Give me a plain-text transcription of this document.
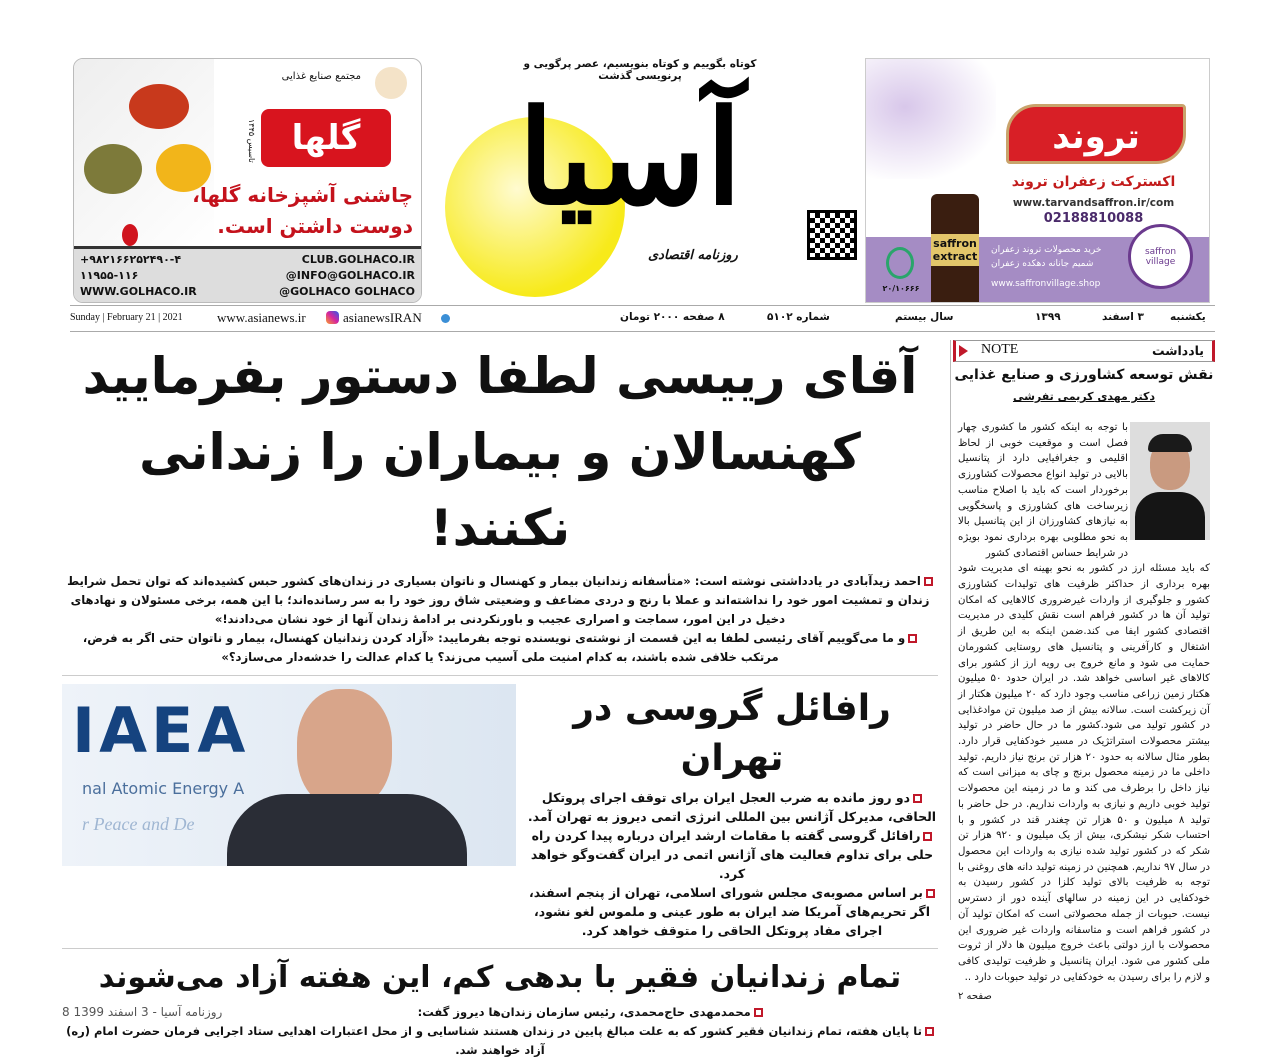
مجتمع صنایع غذایی
گلها
تاسیس ۱۳۴۵
چاشنی آشپزخانه گلها،
دوست داشتن است.
+۹۸۲۱۶۶۲۵۲۴۹۰-۴	CLUB.GOLHACO.IR
۱۱۹۵۵-۱۱۶	@INFO@GOLHACO.IR
WWW.GOLHACO.IR	@GOLHACO GOLHACO
کوتاه بگوییم و کوتاه بنویسیم، عصر پرگویی و پرنویسی گذشت
آسیا
روزنامه اقتصادی
تروند
اکسترکت زعفران تروند
www.tarvandsaffron.ir/com
02188810088
saffron extract خرید محصولات تروند زعفران
شمیم جانانه دهکده زعفران
www.saffronvillage.shop
saffron village
۲۰/۱۰۶۶۶
Sunday | February 21 | 2021	www.asianews.ir	asianewsIRAN	۸ صفحه ۲۰۰۰ تومان	شماره ۵۱۰۲	سال بیستم	۱۳۹۹	۳ اسفند یکشنبه
آقای رییسی لطفا دستور بفرمایید
کهنسالان و بیماران را زندانی نکنند!
احمد زیدآبادی در یادداشتی نوشته است: «متأسفانه زندانیان بیمار و کهنسال و ناتوان بسیاری در زندان‌های کشور حبس کشیده‌اند که توان تحمل شرایط زندان و تمشیت امور خود را نداشته‌اند و عملا با رنج و دردی مضاعف و وضعیتی شاق روز خود را به سر رسانده‌اند؛ با این همه، برخی مسئولان و نهادهای دخیل در این امور، سماجت و اصراری عجیب و باورنکردنی بر ادامهٔ زندان آنها از خود نشان می‌دادند!»
و ما می‌گوییم آقای رئیسی لطفا به این قسمت از نوشته‌ی نویسنده توجه بفرمایید: «آزاد کردن زندانیان کهنسال، بیمار و ناتوان حتی اگر به فرض، مرتکب خلافی شده باشند، به کدام امنیت ملی آسیب می‌زند؟ یا کدام عدالت را خدشه‌دار می‌سازد؟»
رافائل گروسی در تهران
دو روز مانده به ضرب العجل ایران برای توقف اجرای پروتکل الحاقی، مدیرکل آژانس بین المللی انرژی اتمی دیروز به تهران آمد.
رافائل گروسی گفته با مقامات ارشد ایران درباره پیدا کردن راه حلی برای تداوم فعالیت های آژانس اتمی در ایران گفت‌وگو خواهد کرد.
بر اساس مصوبه‌ی مجلس شورای اسلامی، تهران از پنجم اسفند، اگر تحریم‌های آمریکا ضد ایران به طور عینی و ملموس لغو نشود، اجرای مفاد پروتکل الحاقی را متوقف خواهد کرد.
IAEA
nal Atomic Energy A
r Peace and De
تمام زندانیان فقیر با بدهی کم، این هفته آزاد می‌شوند
محمدمهدی حاج‌محمدی، رئیس سازمان زندان‌ها دیروز گفت:
روزنامه آسیا - 3 اسفند 1399 8
تا پایان هفته، تمام زندانیان فقیر کشور که به علت مبالغ پایین در زندان هستند شناسایی و از محل اعتبارات اهدایی ستاد اجرایی فرمان حضرت امام (ره) آزاد خواهند شد.
NOTE	یادداشت
نقش توسعه کشاورزی و صنایع غذایی
دکتر مهدی کریمی تفرشی

با توجه به اینکه کشور ما کشوری چهار فصل است و موقعیت خوبی از لحاظ اقلیمی و جغرافیایی دارد از پتانسیل بالایی در تولید انواع محصولات کشاورزی برخوردار است که باید با اصلاح مناسب زیرساخت های کشاورزی و پاسخگویی به نیازهای کشاورزان از این پتانسیل بالا به نحو مطلوبی بهره برداری نمود بویژه در شرایط حساس اقتصادی کشور

که باید مسئله ارز در کشور به نحو بهینه ای مدیریت شود بهره برداری از حداکثر ظرفیت های تولیدات کشاورزی کشور و جلوگیری از واردات غیرضروری کالاهایی که امکان تولید آن ها در کشور فراهم است نقش کلیدی در مدیریت اقتصادی کشور ایفا می کند.ضمن اینکه به این طریق از اشتغال و کارآفرینی و پتانسیل های روستایی کشورمان حمایت می شود و مانع خروج بی رویه ارز از کشور برای کالاهای غیر اساسی خواهد شد. در ایران حدود ۵۰ میلیون هکتار زمین زراعی مناسب وجود دارد که ۲۰ میلیون هکتار از آن زیرکشت است. سالانه بیش از صد میلیون تن موادغذایی در کشور تولید می شود.کشور ما در حال حاضر در تولید بیشتر محصولات استراتژیک در مسیر خودکفایی قرار دارد. بطور مثال سالانه به حدود ۲۰ هزار تن برنج نیاز داریم. تولید داخلی ما در زمینه محصول برنج و چای به میزانی است که نیاز داخل را برطرف می کند و ما در زمینه این محصولات تولید خوبی داریم و نیازی به واردات نداریم. در حل حاضر با تولید ۸ میلیون و ۵۰ هزار تن چغندر قند در کشور و با احتساب شکر نیشکری، بیش از یک میلیون و ۹۲۰ هزار تن شکر که در کشور تولید شده نیازی به واردات این محصول در سال ۹۷ نداریم. همچنین در زمینه تولید دانه های روغنی با توجه به ظرفیت بالای تولید کلزا در کشور رسیدن به خودکفایی در این زمینه در سالهای آینده دور از دسترس نیست. حبوبات از جمله محصولاتی است که امکان تولید آن در کشور فراهم است و متاسفانه واردات غیر ضروری این محصولات با ارز دولتی باعث خروج میلیون ها دلار از ثروت ملی کشور می شود. ایران پتانسیل و ظرفیت تولیدی کافی و لازم را برای رسیدن به خودکفایی در تولید حبوبات دارد ..

صفحه ۲
